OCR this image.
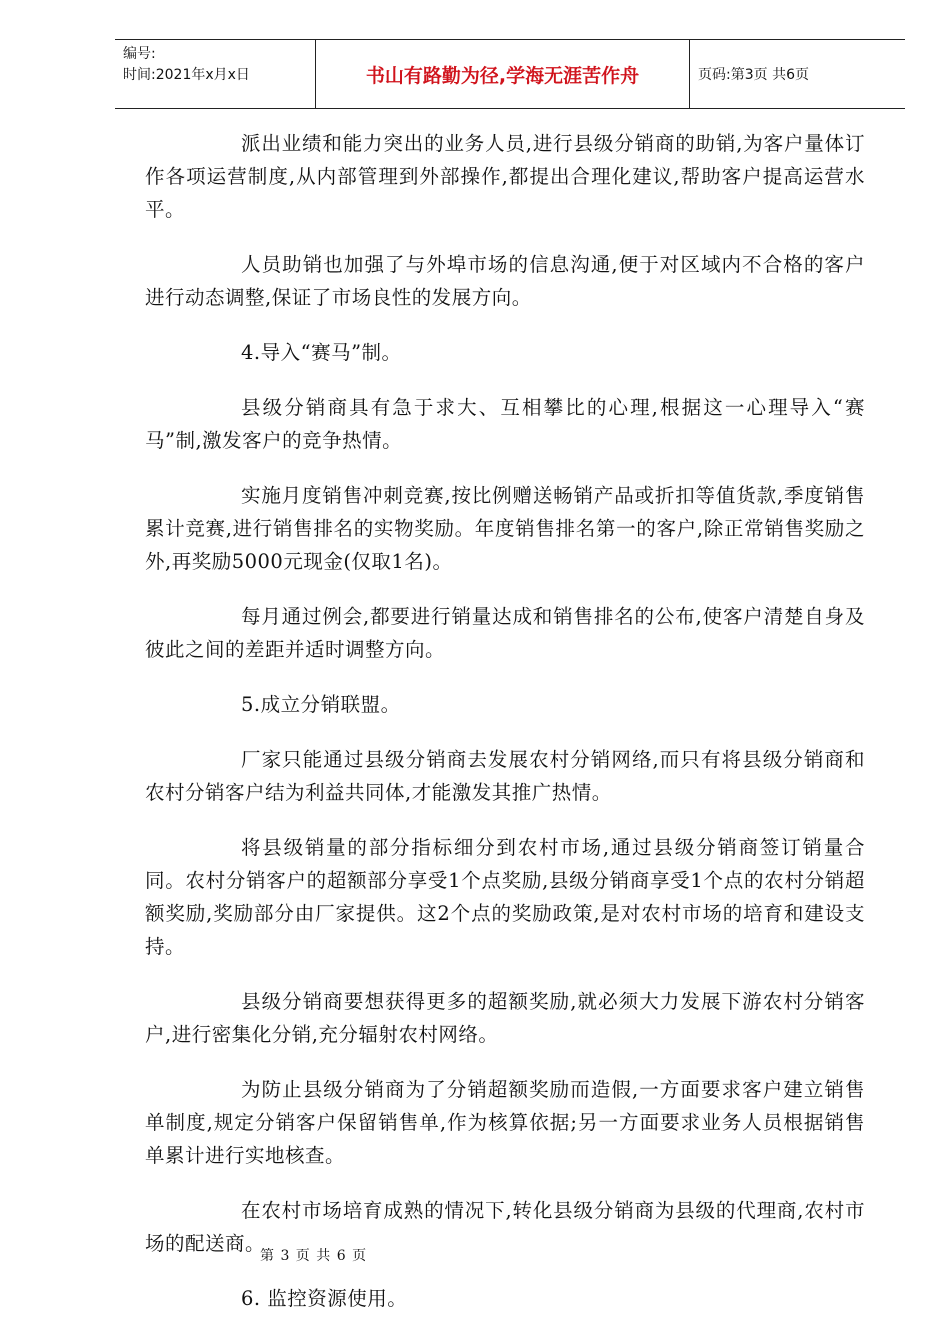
编号:
时间:2021年x月x日	书山有路勤为径,学海无涯苦作舟	页码:第3页 共6页

派出业绩和能力突出的业务人员,进行县级分销商的助销,为客户量体订作各项运营制度,从内部管理到外部操作,都提出合理化建议,帮助客户提高运营水平。

人员助销也加强了与外埠市场的信息沟通,便于对区域内不合格的客户进行动态调整,保证了市场良性的发展方向。

4.导入“赛马”制。

县级分销商具有急于求大、互相攀比的心理,根据这一心理导入“赛马”制,激发客户的竞争热情。

实施月度销售冲刺竞赛,按比例赠送畅销产品或折扣等值货款,季度销售累计竞赛,进行销售排名的实物奖励。年度销售排名第一的客户,除正常销售奖励之外,再奖励5000元现金(仅取1名)。

每月通过例会,都要进行销量达成和销售排名的公布,使客户清楚自身及彼此之间的差距并适时调整方向。

5.成立分销联盟。

厂家只能通过县级分销商去发展农村分销网络,而只有将县级分销商和农村分销客户结为利益共同体,才能激发其推广热情。

将县级销量的部分指标细分到农村市场,通过县级分销商签订销量合同。农村分销客户的超额部分享受1个点奖励,县级分销商享受1个点的农村分销超额奖励,奖励部分由厂家提供。这2个点的奖励政策,是对农村市场的培育和建设支持。

县级分销商要想获得更多的超额奖励,就必须大力发展下游农村分销客户,进行密集化分销,充分辐射农村网络。

为防止县级分销商为了分销超额奖励而造假,一方面要求客户建立销售单制度,规定分销客户保留销售单,作为核算依据;另一方面要求业务人员根据销售单累计进行实地核查。

在农村市场培育成熟的情况下,转化县级分销商为县级的代理商,农村市场的配送商。

6. 监控资源使用。

第 3 页 共 6 页
